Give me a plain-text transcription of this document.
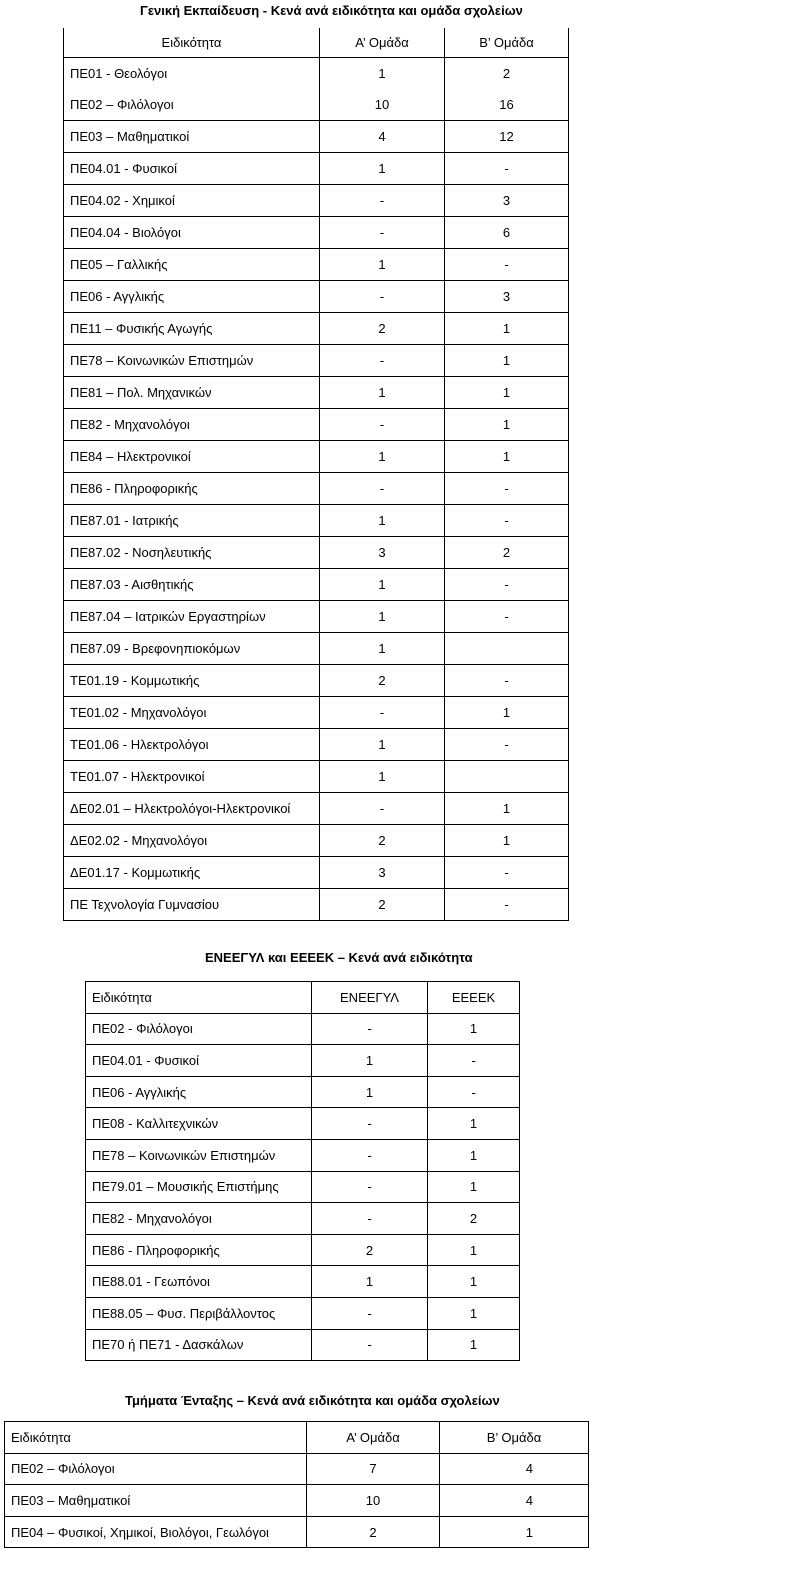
Γενική Εκπαίδευση - Κενά ανά ειδικότητα και ομάδα σχολείων
Ειδικότητα	Α’ Ομάδα	Β’ Ομάδα
ΠΕ01 - Θεολόγοι	1	2
ΠΕ02 – Φιλόλογοι	10	16
ΠΕ03 – Μαθηματικοί	4	12
ΠΕ04.01 - Φυσικοί	1	-
ΠΕ04.02 - Χημικοί	-	3
ΠΕ04.04 - Βιολόγοι	-	6
ΠΕ05 – Γαλλικής	1	-
ΠΕ06 - Αγγλικής	-	3
ΠΕ11 – Φυσικής Αγωγής	2	1
ΠΕ78 – Κοινωνικών Επιστημών	-	1
ΠΕ81 – Πολ. Μηχανικών	1	1
ΠΕ82 - Μηχανολόγοι	-	1
ΠΕ84 – Ηλεκτρονικοί	1	1
ΠΕ86 - Πληροφορικής	-	-
ΠΕ87.01 - Ιατρικής	1	-
ΠΕ87.02 - Νοσηλευτικής	3	2
ΠΕ87.03 - Αισθητικής	1	-
ΠΕ87.04 – Ιατρικών Εργαστηρίων	1	-
ΠΕ87.09 - Βρεφονηπιοκόμων	1	
ΤΕ01.19 - Κομμωτικής	2	-
ΤΕ01.02 - Μηχανολόγοι	-	1
ΤΕ01.06 - Ηλεκτρολόγοι	1	-
ΤΕ01.07 - Ηλεκτρονικοί	1	
ΔΕ02.01 – Ηλεκτρολόγοι-Ηλεκτρονικοί	-	1
ΔΕ02.02 - Μηχανολόγοι	2	1
ΔΕ01.17 - Κομμωτικής	3	-
ΠΕ Τεχνολογία Γυμνασίου	2	-
ΕΝΕΕΓΥΛ και ΕΕΕΕΚ – Κενά ανά ειδικότητα
Ειδικότητα	ΕΝΕΕΓΥΛ	ΕΕΕΕΚ
ΠΕ02 - Φιλόλογοι	-	1
ΠΕ04.01 - Φυσικοί	1	-
ΠΕ06 - Αγγλικής	1	-
ΠΕ08 - Καλλιτεχνικών	-	1
ΠΕ78 – Κοινωνικών Επιστημών	-	1
ΠΕ79.01 – Μουσικής Επιστήμης	-	1
ΠΕ82 - Μηχανολόγοι	-	2
ΠΕ86 - Πληροφορικής	2	1
ΠΕ88.01 - Γεωπόνοι	1	1
ΠΕ88.05 – Φυσ. Περιβάλλοντος	-	1
ΠΕ70 ή ΠΕ71 - Δασκάλων	-	1
Τμήματα Ένταξης – Κενά ανά ειδικότητα και ομάδα σχολείων
Ειδικότητα	Α’ Ομάδα	Β’ Ομάδα
ΠΕ02 – Φιλόλογοι	7	4
ΠΕ03 – Μαθηματικοί	10	4
ΠΕ04 – Φυσικοί, Χημικοί, Βιολόγοι, Γεωλόγοι	2	1
